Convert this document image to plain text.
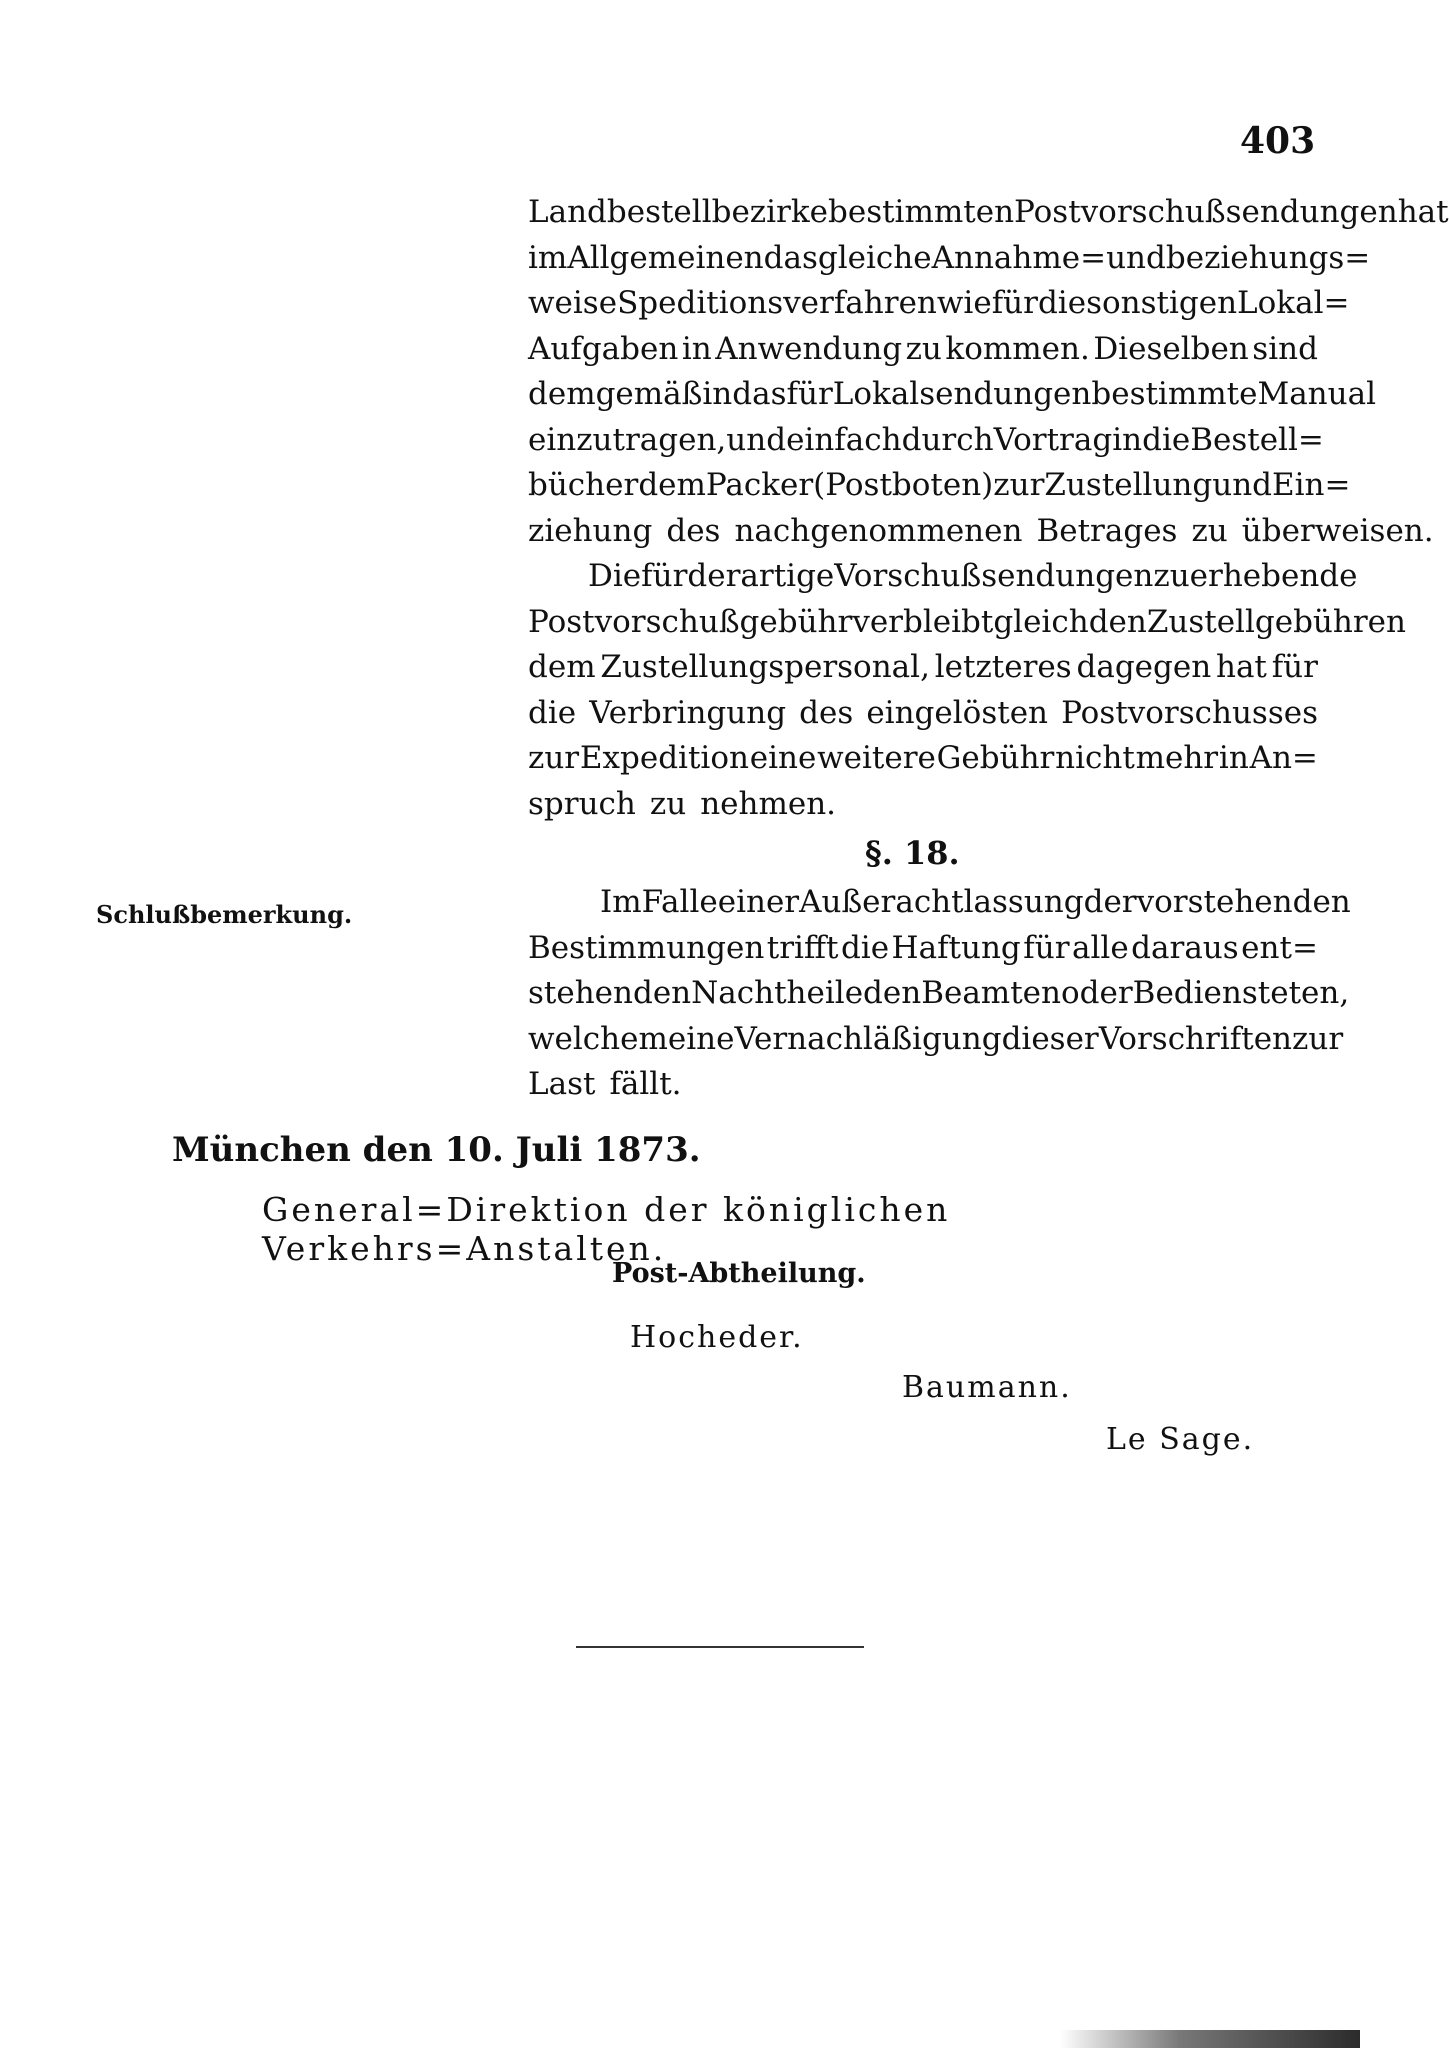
403
Landbestellbezirke bestimmten Postvorschußsendungen hat
im Allgemeinen das gleiche Annahme= und beziehungs=
weise Speditionsverfahren wie für die sonstigen Lokal=
Aufgaben in Anwendung zu kommen. Dieselben sind
demgemäß in das für Lokalsendungen bestimmte Manual
einzutragen, und einfach durch Vortrag in die Bestell=
bücher dem Packer (Postboten) zur Zustellung und Ein=
ziehung des nachgenommenen Betrages zu überweisen.
Die für derartige Vorschußsendungen zu erhebende
Postvorschußgebühr verbleibt gleich den Zustellgebühren
dem Zustellungspersonal, letzteres dagegen hat für
die Verbringung des eingelösten Postvorschusses
zur Expedition eine weitere Gebühr nicht mehr in An=
spruch zu nehmen.
§. 18.
Schlußbemerkung.	Im Falle einer Außerachtlassung der vorstehenden
Bestimmungen trifft die Haftung für alle daraus ent=
stehenden Nachtheile den Beamten oder Bediensteten,
welchem eine Vernachläßigung dieser Vorschriften zur
Last fällt.
München den 10. Juli 1873.
General=Direktion der königlichen Verkehrs=Anstalten.
Post-Abtheilung.
Hocheder.
Baumann.
Le Sage.
